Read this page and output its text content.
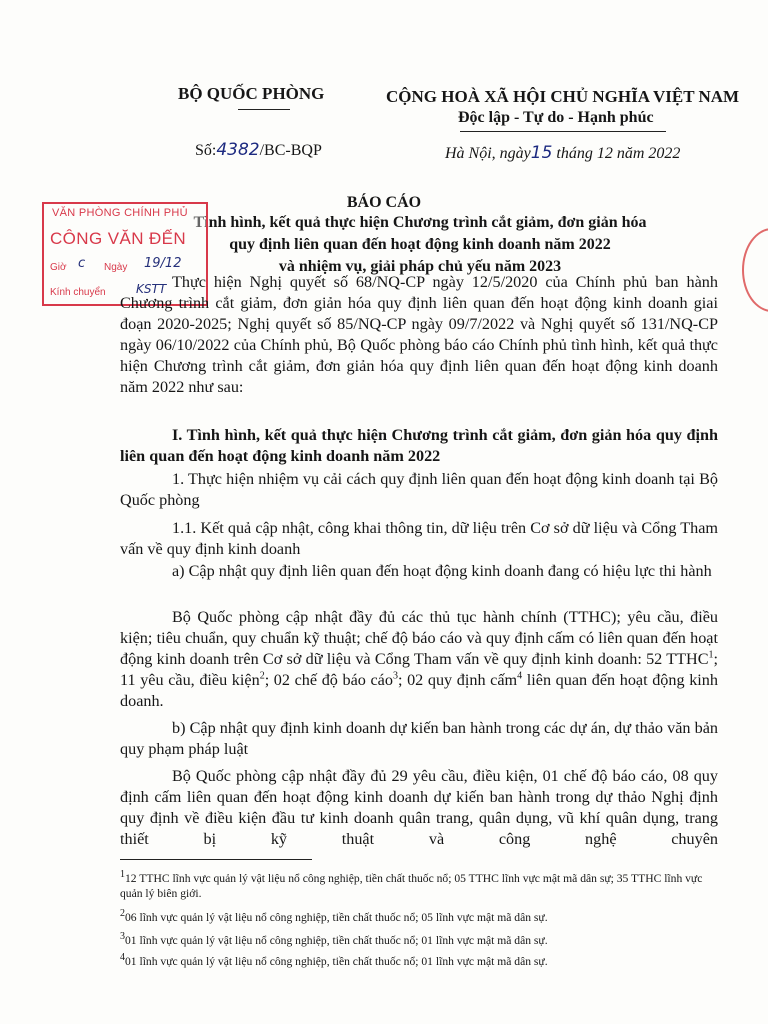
BỘ QUỐC PHÒNG	CỘNG HOÀ XÃ HỘI CHỦ NGHĨA VIỆT NAM
Độc lập - Tự do - Hạnh phúc
Số:4382/BC-BQP	Hà Nội, ngày15 tháng 12 năm 2022
BÁO CÁO
Tình hình, kết quả thực hiện Chương trình cắt giảm, đơn giản hóa
quy định liên quan đến hoạt động kinh doanh năm 2022
và nhiệm vụ, giải pháp chủ yếu năm 2023
VĂN PHÒNG CHÍNH PHỦ
CÔNG VĂN ĐẾN
Giờ c Ngày 19/12
Kính chuyển	KSTT Thực hiện Nghị quyết số 68/NQ-CP ngày 12/5/2020 của Chính phủ ban hành Chương trình cắt giảm, đơn giản hóa quy định liên quan đến hoạt động kinh doanh giai đoạn 2020-2025; Nghị quyết số 85/NQ-CP ngày 09/7/2022 và Nghị quyết số 131/NQ-CP ngày 06/10/2022 của Chính phủ, Bộ Quốc phòng báo cáo Chính phủ tình hình, kết quả thực hiện Chương trình cắt giảm, đơn giản hóa quy định liên quan đến hoạt động kinh doanh năm 2022 như sau:

I. Tình hình, kết quả thực hiện Chương trình cắt giảm, đơn giản hóa quy định liên quan đến hoạt động kinh doanh năm 2022

1. Thực hiện nhiệm vụ cải cách quy định liên quan đến hoạt động kinh doanh tại Bộ Quốc phòng

1.1. Kết quả cập nhật, công khai thông tin, dữ liệu trên Cơ sở dữ liệu và Cổng Tham vấn về quy định kinh doanh

a) Cập nhật quy định liên quan đến hoạt động kinh doanh đang có hiệu lực thi hành

Bộ Quốc phòng cập nhật đầy đủ các thủ tục hành chính (TTHC); yêu cầu, điều kiện; tiêu chuẩn, quy chuẩn kỹ thuật; chế độ báo cáo và quy định cấm có liên quan đến hoạt động kinh doanh trên Cơ sở dữ liệu và Cổng Tham vấn về quy định kinh doanh: 52 TTHC$^1$; 11 yêu cầu, điều kiện$^2$; 02 chế độ báo cáo$^3$; 02 quy định cấm$^4$ liên quan đến hoạt động kinh doanh.

b) Cập nhật quy định kinh doanh dự kiến ban hành trong các dự án, dự thảo văn bản quy phạm pháp luật

Bộ Quốc phòng cập nhật đầy đủ 29 yêu cầu, điều kiện, 01 chế độ báo cáo, 08 quy định cấm liên quan đến hoạt động kinh doanh dự kiến ban hành trong dự thảo Nghị định quy định về điều kiện đầu tư kinh doanh quân trang, quân dụng, vũ khí quân dụng, trang thiết bị kỹ thuật và công nghệ chuyên

$^1$12 TTHC lĩnh vực quản lý vật liệu nổ công nghiệp, tiền chất thuốc nổ; 05 TTHC lĩnh vực mật mã dân sự; 35 TTHC lĩnh vực quản lý biên giới.
$^2$06 lĩnh vực quản lý vật liệu nổ công nghiệp, tiền chất thuốc nổ; 05 lĩnh vực mật mã dân sự.
$^3$01 lĩnh vực quản lý vật liệu nổ công nghiệp, tiền chất thuốc nổ; 01 lĩnh vực mật mã dân sự.
$^4$01 lĩnh vực quản lý vật liệu nổ công nghiệp, tiền chất thuốc nổ; 01 lĩnh vực mật mã dân sự.
